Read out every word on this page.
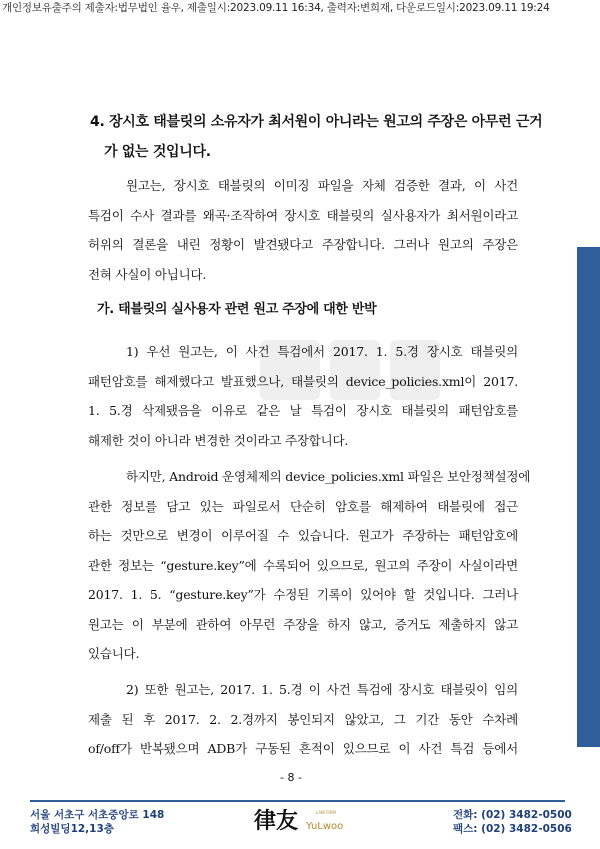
개인정보유출주의 제출자:법무법인 율우, 제출일시:2023.09.11 16:34, 출력자:변희재, 다운로드일시:2023.09.11 19:24
4. 장시호 태블릿의 소유자가 최서원이 아니라는 원고의 주장은 아무런 근거
가 없는 것입니다.
원고는, 장시호 태블릿의 이미징 파일을 자체 검증한 결과, 이 사건
특검이 수사 결과를 왜곡·조작하여 장시호 태블릿의 실사용자가 최서원이라고
허위의 결론을 내린 정황이 발견됐다고 주장합니다. 그러나 원고의 주장은
전혀 사실이 아닙니다.
가. 태블릿의 실사용자 관련 원고 주장에 대한 반박
1) 우선 원고는, 이 사건 특검에서 2017. 1. 5.경 장시호 태블릿의
패턴암호를 해제했다고 발표했으나, 태블릿의 device_policies.xml이 2017.
1. 5.경 삭제됐음을 이유로 같은 날 특검이 장시호 태블릿의 패턴암호를
해제한 것이 아니라 변경한 것이라고 주장합니다.
하지만, Android 운영체제의 device_policies.xml 파일은 보안정책설정에
관한 정보를 담고 있는 파일로서 단순히 암호를 해제하여 태블릿에 접근
하는 것만으로 변경이 이루어질 수 있습니다. 원고가 주장하는 패턴암호에
관한 정보는 “gesture.key”에 수록되어 있으므로, 원고의 주장이 사실이라면
2017. 1. 5. “gesture.key”가 수정된 기록이 있어야 할 것입니다. 그러나
원고는 이 부분에 관하여 아무런 주장을 하지 않고, 증거도 제출하지 않고
있습니다.
2) 또한 원고는, 2017. 1. 5.경 이 사건 특검에 장시호 태블릿이 임의
제출 된 후 2017. 2. 2.경까지 봉인되지 않았고, 그 기간 동안 수차례
of/off가 반복됐으며 ADB가 구동된 흔적이 있으므로 이 사건 특검 등에서
- 8 -
서울 서초구 서초중앙로 148
희성빌딩12,13층	律友 YuLwoo
LAW FIRM	전화: (02) 3482-0500
팩스: (02) 3482-0506
